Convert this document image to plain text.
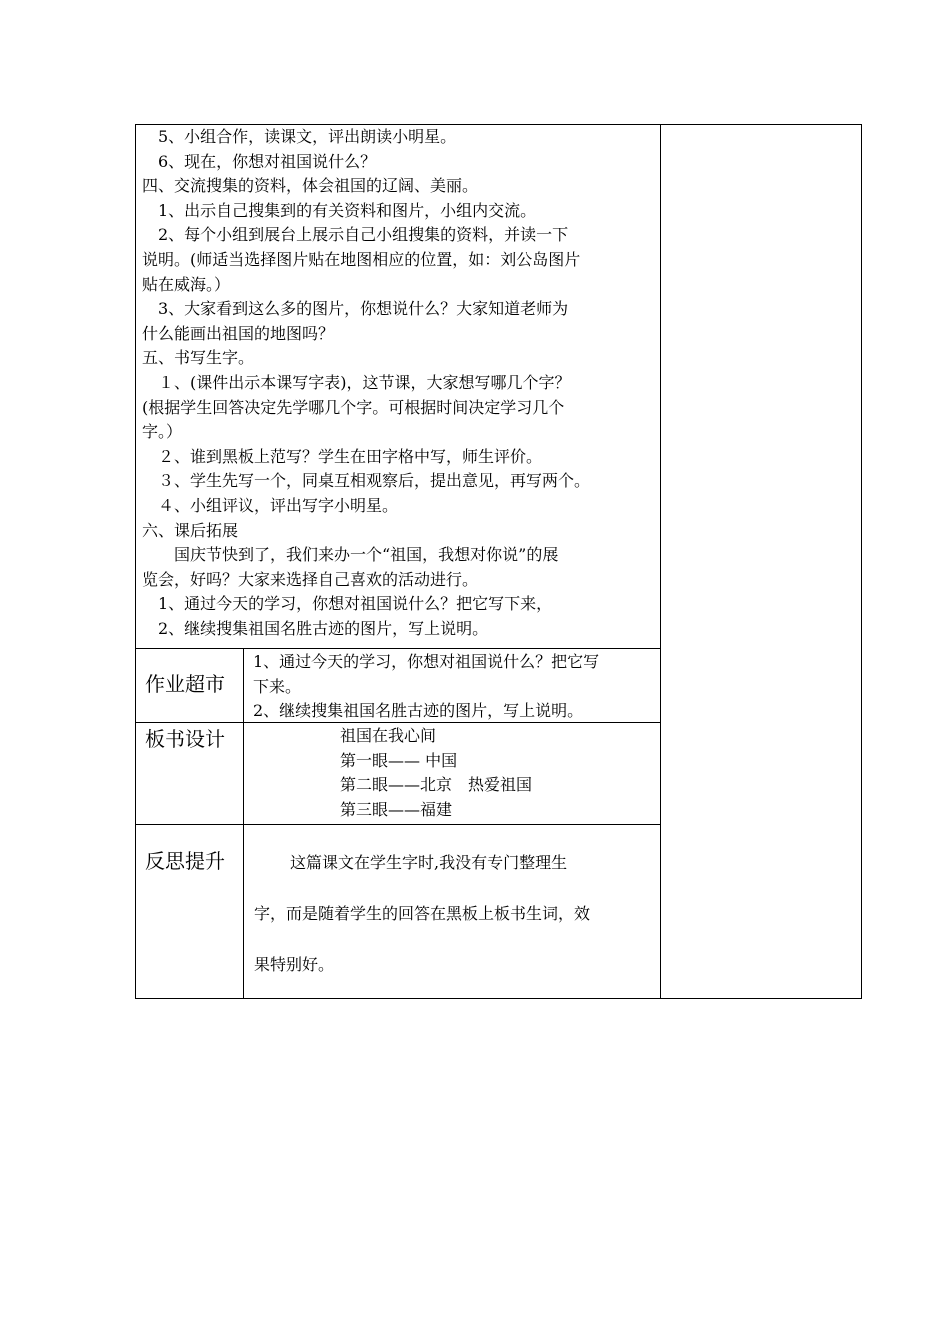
　5、小组合作，读课文，评出朗读小明星。
　6、现在，你想对祖国说什么？
四、交流搜集的资料，体会祖国的辽阔、美丽。
　1、出示自己搜集到的有关资料和图片，小组内交流。
　2、每个小组到展台上展示自己小组搜集的资料，并读一下
说明。(师适当选择图片贴在地图相应的位置，如：刘公岛图片
贴在威海。）
　3、大家看到这么多的图片，你想说什么？大家知道老师为
什么能画出祖国的地图吗？
五、书写生字。
　１、(课件出示本课写字表)，这节课，大家想写哪几个字？
(根据学生回答决定先学哪几个字。可根据时间决定学习几个
字。）
　２、谁到黑板上范写？学生在田字格中写，师生评价。
　３、学生先写一个，同桌互相观察后，提出意见，再写两个。
　４、小组评议，评出写字小明星。
六、课后拓展
　　国庆节快到了，我们来办一个“祖国，我想对你说”的展
览会，好吗？大家来选择自己喜欢的活动进行。
　1、通过今天的学习，你想对祖国说什么？把它写下来，
　2、继续搜集祖国名胜古迹的图片，写上说明。
作业超市
1、通过今天的学习，你想对祖国说什么？把它写
下来。
2、继续搜集祖国名胜古迹的图片，写上说明。
板书设计	祖国在我心间
第一眼—— 中国
第二眼——北京　热爱祖国
第三眼——福建
反思提升	这篇课文在学生字时,我没有专门整理生
字，而是随着学生的回答在黑板上板书生词，效
果特别好。
